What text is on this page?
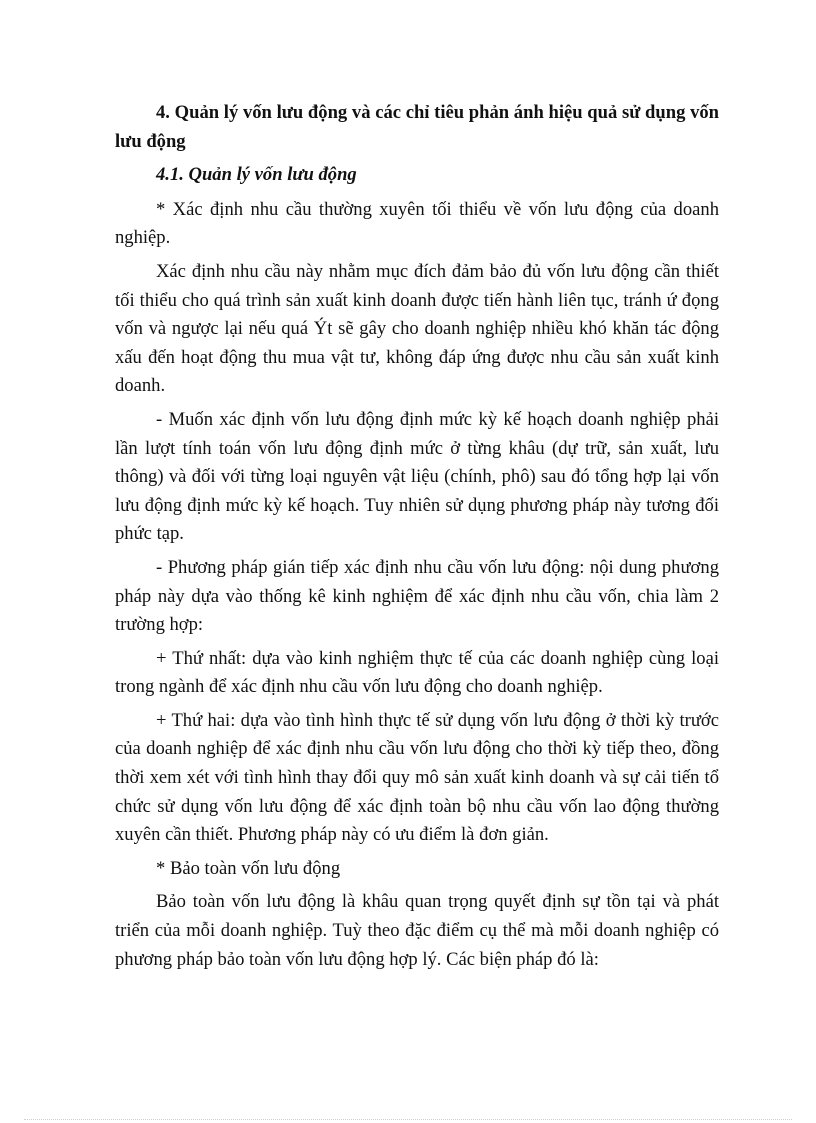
4. Quản lý vốn lưu động và các chỉ tiêu phản ánh hiệu quả sử dụng vốn lưu động

4.1. Quản lý vốn lưu động

* Xác định nhu cầu thường xuyên tối thiểu về vốn lưu động của doanh nghiệp.

Xác định nhu cầu này nhằm mục đích đảm bảo đủ vốn lưu động cần thiết tối thiểu cho quá trình sản xuất kinh doanh được tiến hành liên tục, tránh ứ đọng vốn và ngược lại nếu quá Ýt sẽ gây cho doanh nghiệp nhiều khó khăn tác động xấu đến hoạt động thu mua vật tư, không đáp ứng được nhu cầu sản xuất kinh doanh.

- Muốn xác định vốn lưu động định mức kỳ kế hoạch doanh nghiệp phải lần lượt tính toán vốn lưu động định mức ở từng khâu (dự trữ, sản xuất, lưu thông) và đối với từng loại nguyên vật liệu (chính, phô) sau đó tổng hợp lại vốn lưu động định mức kỳ kế hoạch. Tuy nhiên sử dụng phương pháp này tương đối phức tạp.

- Phương pháp gián tiếp xác định nhu cầu vốn lưu động: nội dung phương pháp này dựa vào thống kê kinh nghiệm để xác định nhu cầu vốn, chia làm 2 trường hợp:

+ Thứ nhất: dựa vào kinh nghiệm thực tế của các doanh nghiệp cùng loại trong ngành để xác định nhu cầu vốn lưu động cho doanh nghiệp.

+ Thứ hai: dựa vào tình hình thực tế sử dụng vốn lưu động ở thời kỳ trước của doanh nghiệp để xác định nhu cầu vốn lưu động cho thời kỳ tiếp theo, đồng thời xem xét với tình hình thay đổi quy mô sản xuất kinh doanh và sự cải tiến tổ chức sử dụng vốn lưu động để xác định toàn bộ nhu cầu vốn lao động thường xuyên cần thiết. Phương pháp này có ưu điểm là đơn giản.

* Bảo toàn vốn lưu động

Bảo toàn vốn lưu động là khâu quan trọng quyết định sự tồn tại và phát triển của mỗi doanh nghiệp. Tuỳ theo đặc điểm cụ thể mà mỗi doanh nghiệp có phương pháp bảo toàn vốn lưu động hợp lý. Các biện pháp đó là:
